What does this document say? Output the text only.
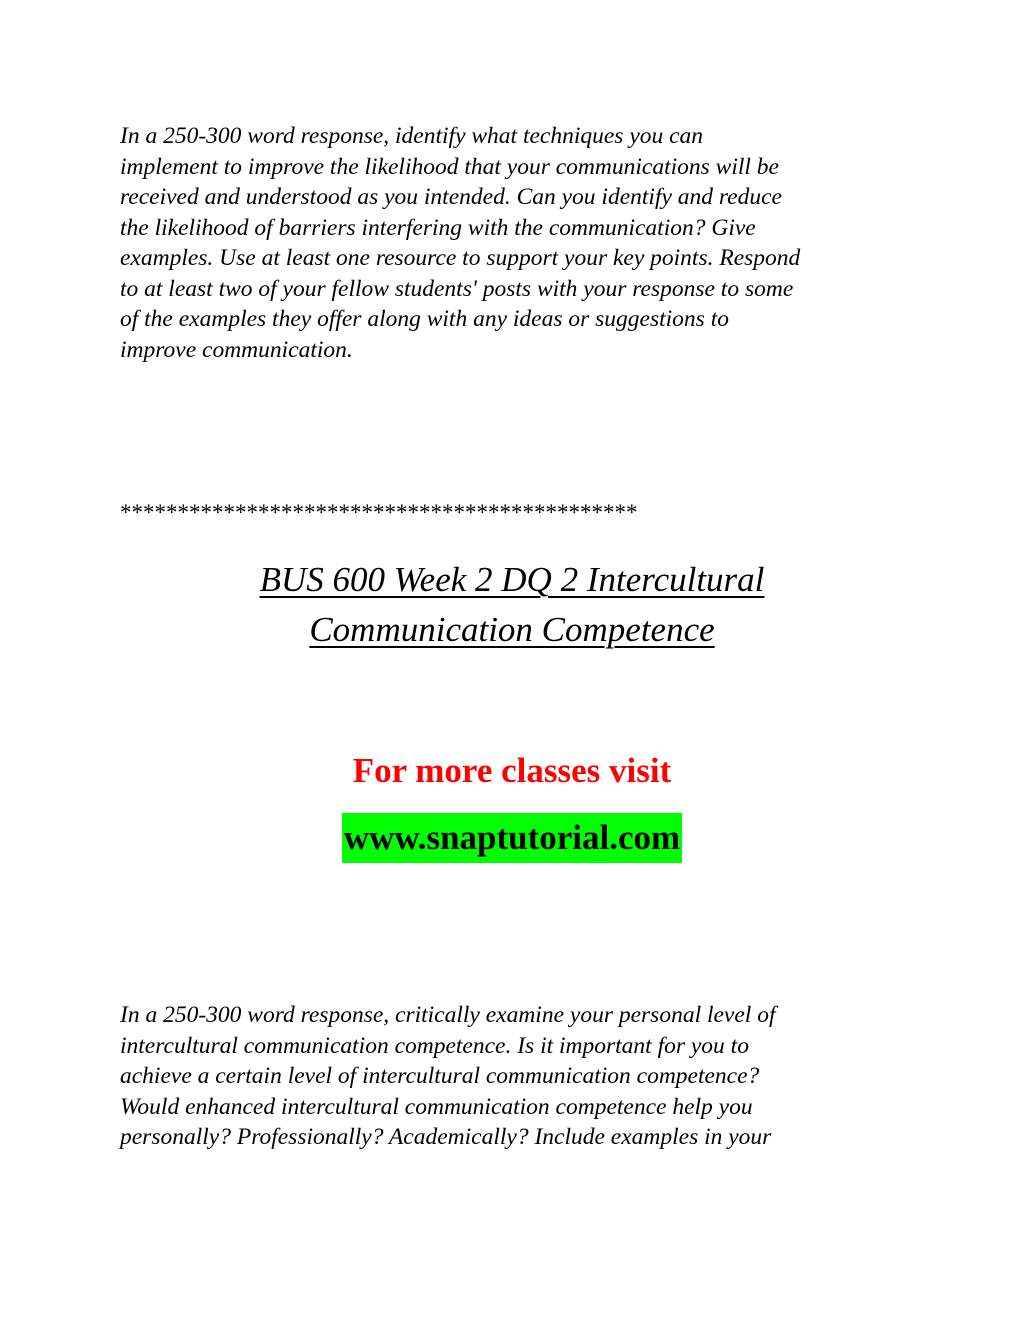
In a 250-300 word response, identify what techniques you can
implement to improve the likelihood that your communications will be
received and understood as you intended. Can you identify and reduce
the likelihood of barriers interfering with the communication? Give
examples. Use at least one resource to support your key points. Respond
to at least two of your fellow students' posts with your response to some
of the examples they offer along with any ideas or suggestions to
improve communication.

*********************************************
BUS 600 Week 2 DQ 2 Intercultural
Communication Competence
For more classes visit
www.snaptutorial.com

In a 250-300 word response, critically examine your personal level of
intercultural communication competence. Is it important for you to
achieve a certain level of intercultural communication competence?
Would enhanced intercultural communication competence help you
personally? Professionally? Academically? Include examples in your
